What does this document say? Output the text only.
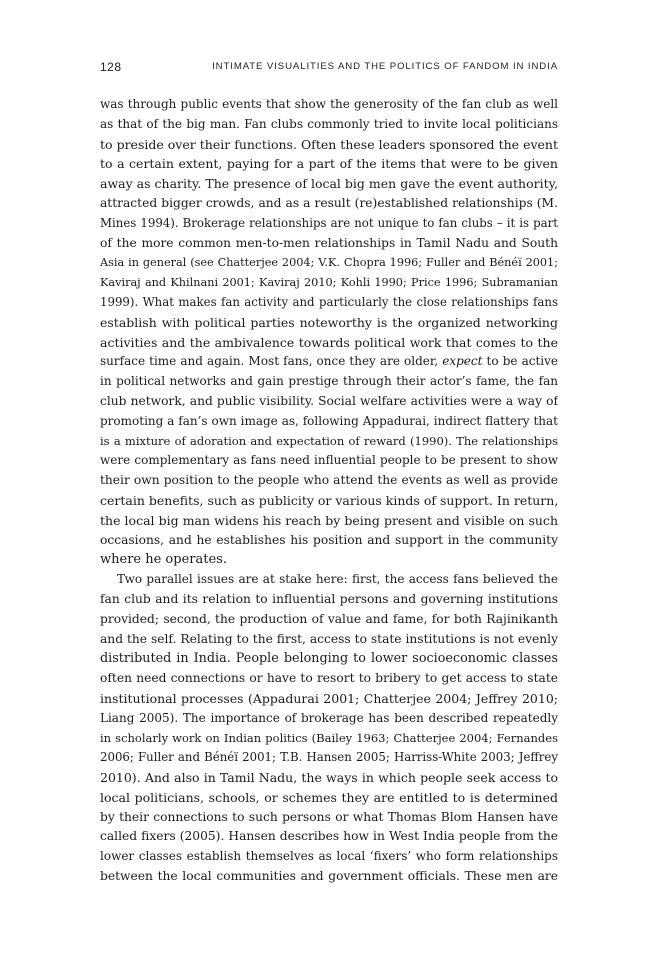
128	INTIMATE VISUALITIES AND THE POLITICS OF FANDOM IN INDIA
was through public events that show the generosity of the fan club as well
as that of the big man. Fan clubs commonly tried to invite local politicians
to preside over their functions. Often these leaders sponsored the event
to a certain extent, paying for a part of the items that were to be given
away as charity. The presence of local big men gave the event authority,
attracted bigger crowds, and as a result (re)established relationships (M.
Mines 1994). Brokerage relationships are not unique to fan clubs – it is part
of the more common men-to-men relationships in Tamil Nadu and South
Asia in general (see Chatterjee 2004; V.K. Chopra 1996; Fuller and Bénéï 2001;
Kaviraj and Khilnani 2001; Kaviraj 2010; Kohli 1990; Price 1996; Subramanian
1999). What makes fan activity and particularly the close relationships fans
establish with political parties noteworthy is the organized networking
activities and the ambivalence towards political work that comes to the
surface time and again. Most fans, once they are older, expect to be active
in political networks and gain prestige through their actor’s fame, the fan
club network, and public visibility. Social welfare activities were a way of
promoting a fan’s own image as, following Appadurai, indirect flattery that
is a mixture of adoration and expectation of reward (1990). The relationships
were complementary as fans need influential people to be present to show
their own position to the people who attend the events as well as provide
certain benefits, such as publicity or various kinds of support. In return,
the local big man widens his reach by being present and visible on such
occasions, and he establishes his position and support in the community
where he operates.
Two parallel issues are at stake here: first, the access fans believed the
fan club and its relation to influential persons and governing institutions
provided; second, the production of value and fame, for both Rajinikanth
and the self. Relating to the first, access to state institutions is not evenly
distributed in India. People belonging to lower socioeconomic classes
often need connections or have to resort to bribery to get access to state
institutional processes (Appadurai 2001; Chatterjee 2004; Jeffrey 2010;
Liang 2005). The importance of brokerage has been described repeatedly
in scholarly work on Indian politics (Bailey 1963; Chatterjee 2004; Fernandes
2006; Fuller and Bénéï 2001; T.B. Hansen 2005; Harriss-White 2003; Jeffrey
2010). And also in Tamil Nadu, the ways in which people seek access to
local politicians, schools, or schemes they are entitled to is determined
by their connections to such persons or what Thomas Blom Hansen have
called fixers (2005). Hansen describes how in West India people from the
lower classes establish themselves as local ‘fixers’ who form relationships
between the local communities and government officials. These men are
